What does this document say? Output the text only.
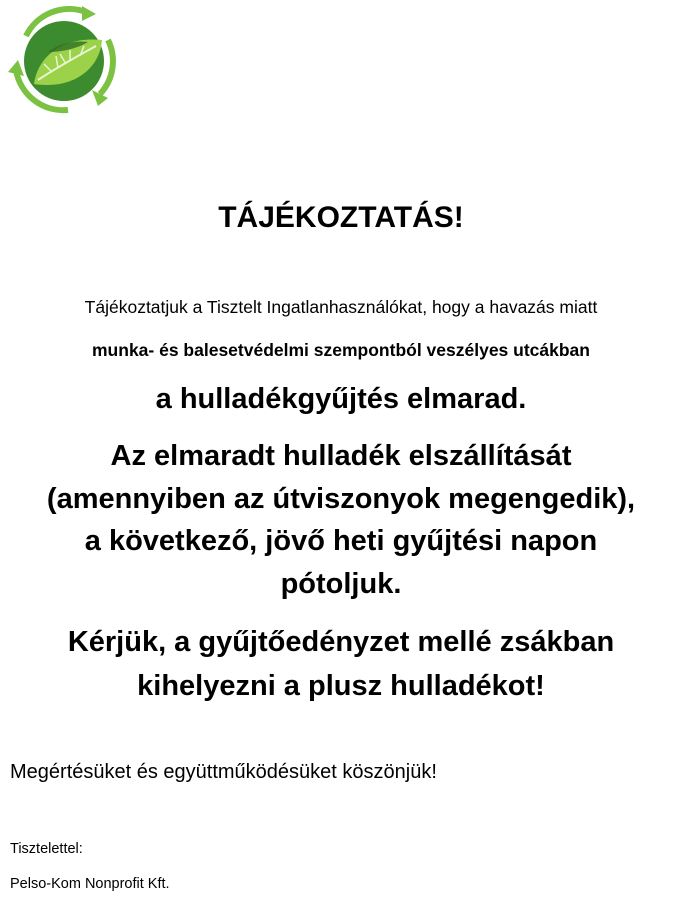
TÁJÉKOZTATÁS!

Tájékoztatjuk a Tisztelt Ingatlanhasználókat, hogy a havazás miatt

munka- és balesetvédelmi szempontból veszélyes utcákban

a hulladékgyűjtés elmarad.

Az elmaradt hulladék elszállítását
(amennyiben az útviszonyok megengedik),
a következő, jövő heti gyűjtési napon
pótoljuk.
Kérjük, a gyűjtőedényzet mellé zsákban
kihelyezni a plusz hulladékot!

Megértésüket és együttműködésüket köszönjük!

Tisztelettel:

Pelso-Kom Nonprofit Kft.
